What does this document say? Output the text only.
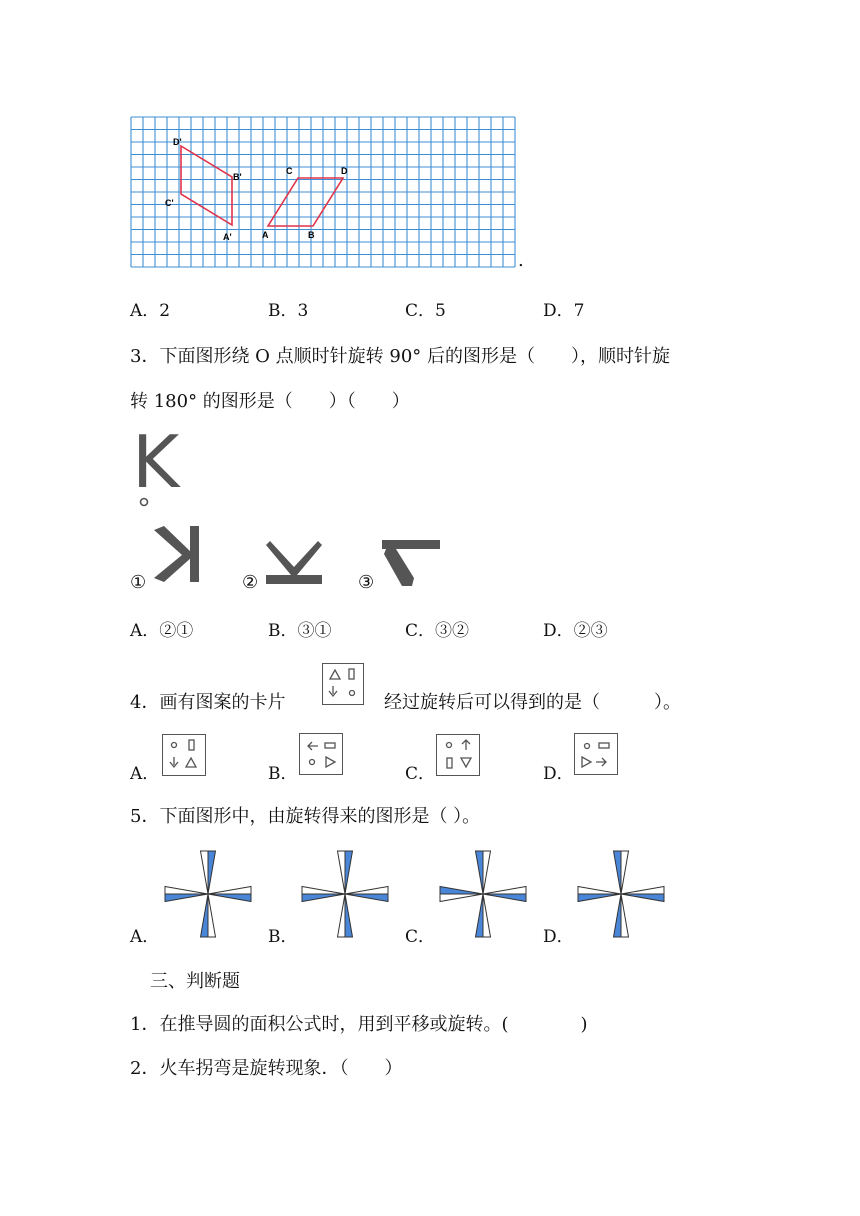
D'
B'
C'
A'
C	D
A	B
.
A．2	B．3	C．5	D．7
3．下面图形绕 O 点顺时针旋转 90° 后的图形是（　　），顺时针旋
转 180° 的图形是（　　）（　　）
K
①	②	③
A．②①	B．③①	C．③②	D．②③
4．画有图案的卡片	经过旋转后可以得到的是（　　　）。
A．	B．	C．	D．
5．下面图形中，由旋转得来的图形是（ ）。
A．	B．	C．	D．
三、判断题
1．在推导圆的面积公式时，用到平移或旋转。(　　　　)
2．火车拐弯是旋转现象．（　　）
